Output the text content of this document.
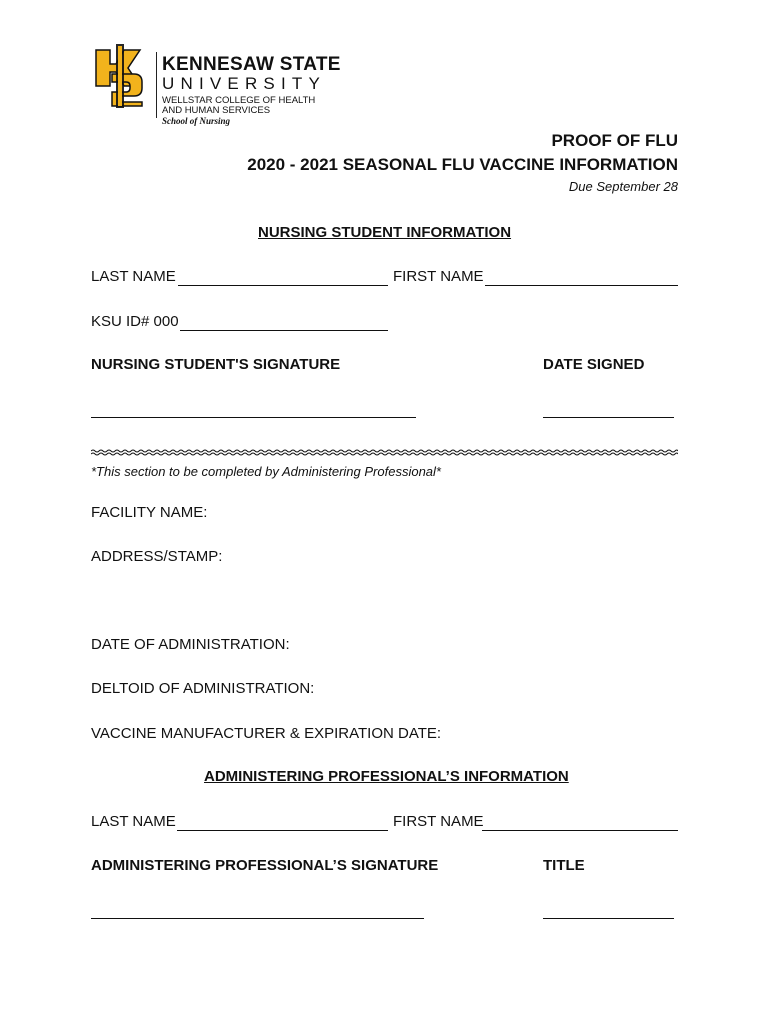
KENNESAW STATE
UNIVERSITY
WELLSTAR COLLEGE OF HEALTH
AND HUMAN SERVICES
School of Nursing
PROOF OF FLU
2020 - 2021 SEASONAL FLU VACCINE INFORMATION
Due September 28
NURSING STUDENT INFORMATION
LAST NAME	FIRST NAME
KSU ID# 000
NURSING STUDENT'S SIGNATURE	DATE SIGNED
*This section to be completed by Administering Professional*
FACILITY NAME:
ADDRESS/STAMP:
DATE OF ADMINISTRATION:
DELTOID OF ADMINISTRATION:
VACCINE MANUFACTURER & EXPIRATION DATE:
ADMINISTERING PROFESSIONAL’S INFORMATION
LAST NAME	FIRST NAME
ADMINISTERING PROFESSIONAL’S SIGNATURE	TITLE
